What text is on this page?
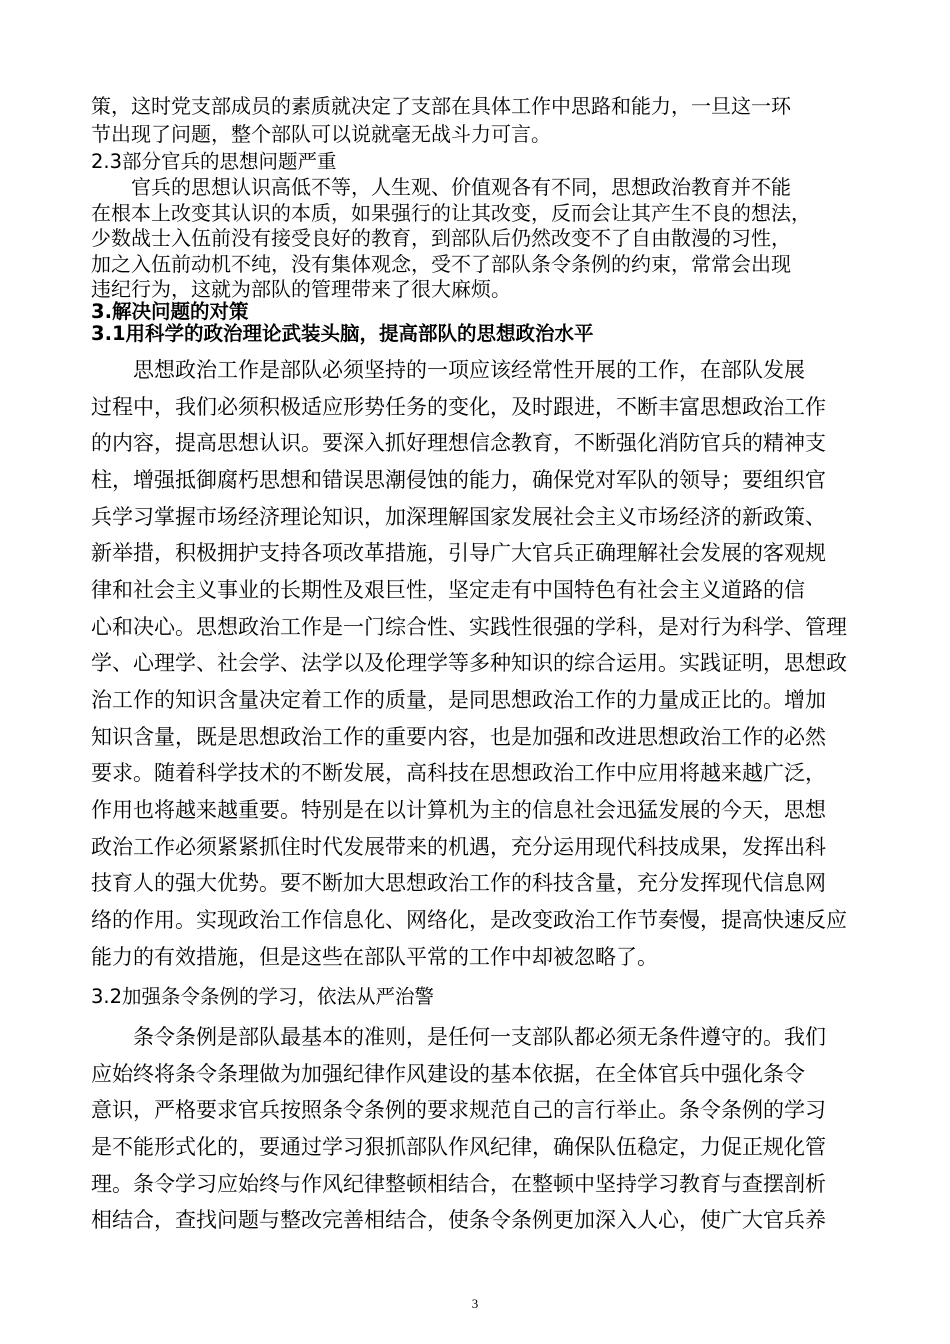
策，这时党支部成员的素质就决定了支部在具体工作中思路和能力，一旦这一环
节出现了问题，整个部队可以说就毫无战斗力可言。
2.3部分官兵的思想问题严重
　　官兵的思想认识高低不等，人生观、价值观各有不同，思想政治教育并不能
在根本上改变其认识的本质，如果强行的让其改变，反而会让其产生不良的想法，
少数战士入伍前没有接受良好的教育，到部队后仍然改变不了自由散漫的习性，
加之入伍前动机不纯，没有集体观念，受不了部队条令条例的约束，常常会出现
违纪行为，这就为部队的管理带来了很大麻烦。
3.解决问题的对策
3.1用科学的政治理论武装头脑，提高部队的思想政治水平
　　思想政治工作是部队必须坚持的一项应该经常性开展的工作，在部队发展
过程中，我们必须积极适应形势任务的变化，及时跟进，不断丰富思想政治工作
的内容，提高思想认识。要深入抓好理想信念教育，不断强化消防官兵的精神支
柱，增强抵御腐朽思想和错误思潮侵蚀的能力，确保党对军队的领导；要组织官
兵学习掌握市场经济理论知识，加深理解国家发展社会主义市场经济的新政策、
新举措，积极拥护支持各项改革措施，引导广大官兵正确理解社会发展的客观规
律和社会主义事业的长期性及艰巨性，坚定走有中国特色有社会主义道路的信
心和决心。思想政治工作是一门综合性、实践性很强的学科，是对行为科学、管理
学、心理学、社会学、法学以及伦理学等多种知识的综合运用。实践证明，思想政
治工作的知识含量决定着工作的质量，是同思想政治工作的力量成正比的。增加
知识含量，既是思想政治工作的重要内容，也是加强和改进思想政治工作的必然
要求。随着科学技术的不断发展，高科技在思想政治工作中应用将越来越广泛，
作用也将越来越重要。特别是在以计算机为主的信息社会迅猛发展的今天，思想
政治工作必须紧紧抓住时代发展带来的机遇，充分运用现代科技成果，发挥出科
技育人的强大优势。要不断加大思想政治工作的科技含量，充分发挥现代信息网
络的作用。实现政治工作信息化、网络化，是改变政治工作节奏慢，提高快速反应
能力的有效措施，但是这些在部队平常的工作中却被忽略了。
3.2加强条令条例的学习，依法从严治警
　　条令条例是部队最基本的准则，是任何一支部队都必须无条件遵守的。我们
应始终将条令条理做为加强纪律作风建设的基本依据，在全体官兵中强化条令
意识，严格要求官兵按照条令条例的要求规范自己的言行举止。条令条例的学习
是不能形式化的，要通过学习狠抓部队作风纪律，确保队伍稳定，力促正规化管
理。条令学习应始终与作风纪律整顿相结合，在整顿中坚持学习教育与查摆剖析
相结合，查找问题与整改完善相结合，使条令条例更加深入人心，使广大官兵养
3
